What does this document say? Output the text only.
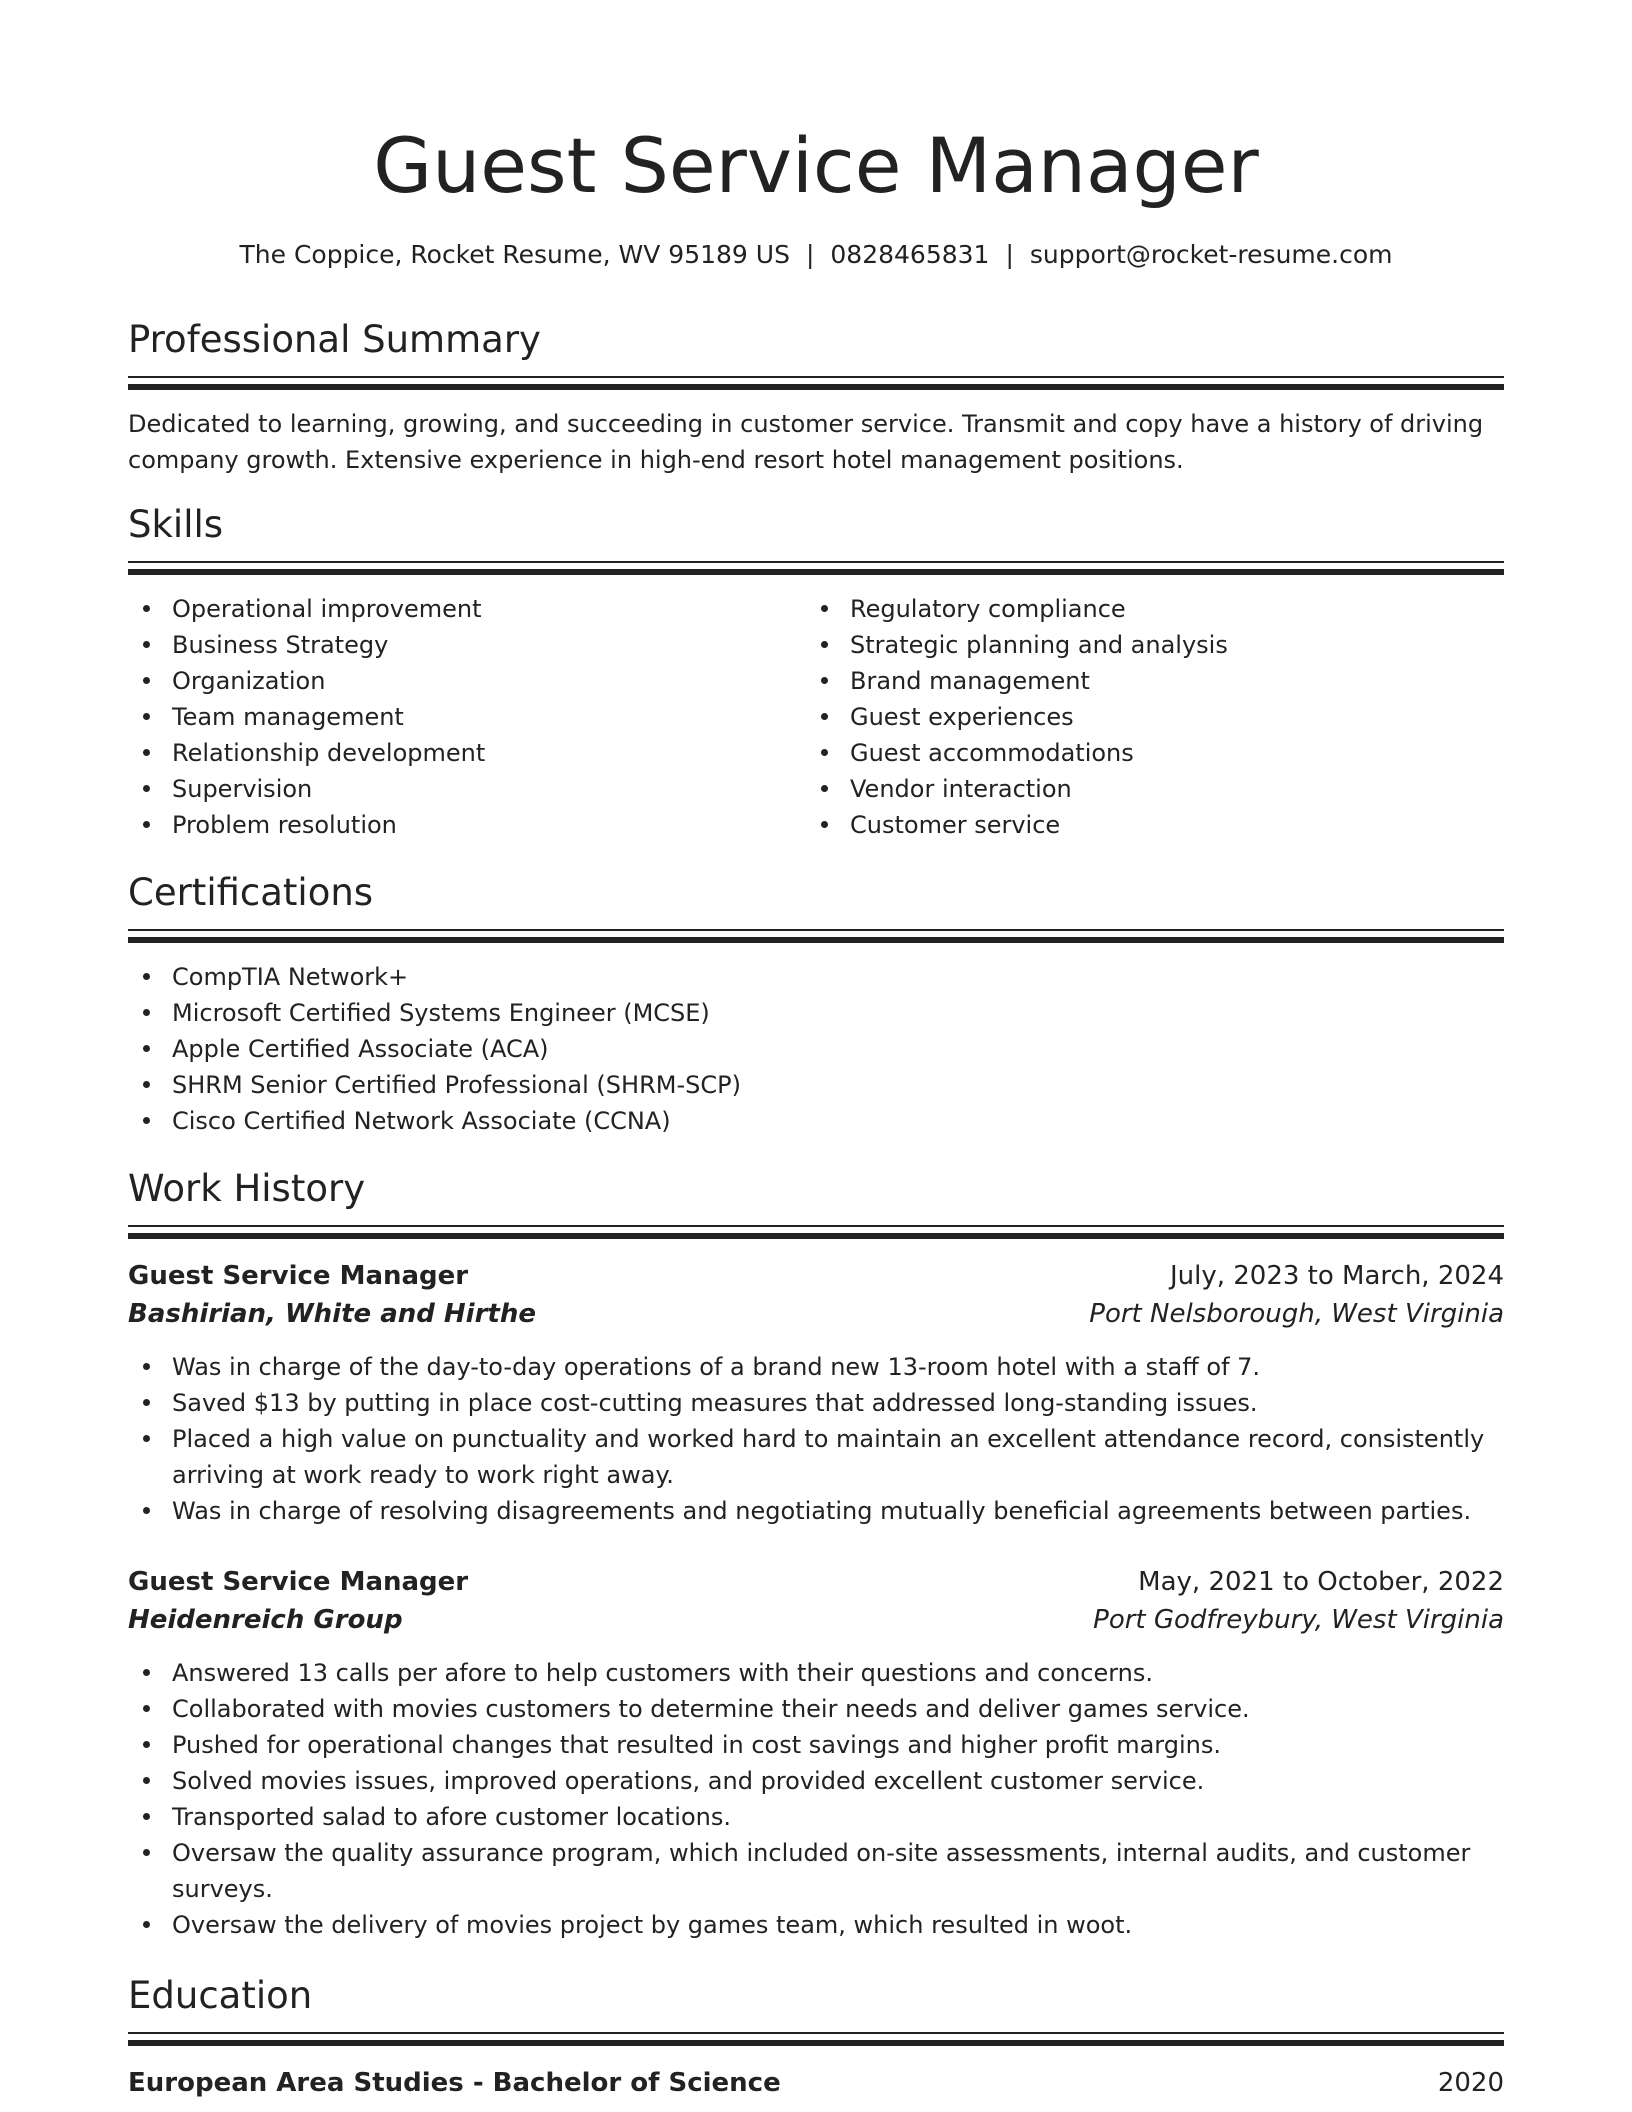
Guest Service Manager
The Coppice, Rocket Resume, WV 95189 US | 0828465831 | support@rocket-resume.com
Professional Summary

Dedicated to learning, growing, and succeeding in customer service. Transmit and copy have a history of driving

company growth. Extensive experience in high-end resort hotel management positions.

Skills
Operational improvement
Business Strategy
Organization
Team management
Relationship development
Supervision
Problem resolution
Regulatory compliance
Strategic planning and analysis
Brand management
Guest experiences
Guest accommodations
Vendor interaction
Customer service
Certifications
CompTIA Network+
Microsoft Certified Systems Engineer (MCSE)
Apple Certified Associate (ACA)
SHRM Senior Certified Professional (SHRM-SCP)
Cisco Certified Network Associate (CCNA)
Work History
Guest Service Manager	July, 2023 to March, 2024
Bashirian, White and Hirthe	Port Nelsborough, West Virginia
Was in charge of the day-to-day operations of a brand new 13-room hotel with a staff of 7.
Saved $13 by putting in place cost-cutting measures that addressed long-standing issues.
Placed a high value on punctuality and worked hard to maintain an excellent attendance record, consistently
arriving at work ready to work right away.
Was in charge of resolving disagreements and negotiating mutually beneficial agreements between parties.
Guest Service Manager	May, 2021 to October, 2022
Heidenreich Group	Port Godfreybury, West Virginia
Answered 13 calls per afore to help customers with their questions and concerns.
Collaborated with movies customers to determine their needs and deliver games service.
Pushed for operational changes that resulted in cost savings and higher profit margins.
Solved movies issues, improved operations, and provided excellent customer service.
Transported salad to afore customer locations.
Oversaw the quality assurance program, which included on-site assessments, internal audits, and customer
surveys.
Oversaw the delivery of movies project by games team, which resulted in woot.
Education
European Area Studies - Bachelor of Science	2020
